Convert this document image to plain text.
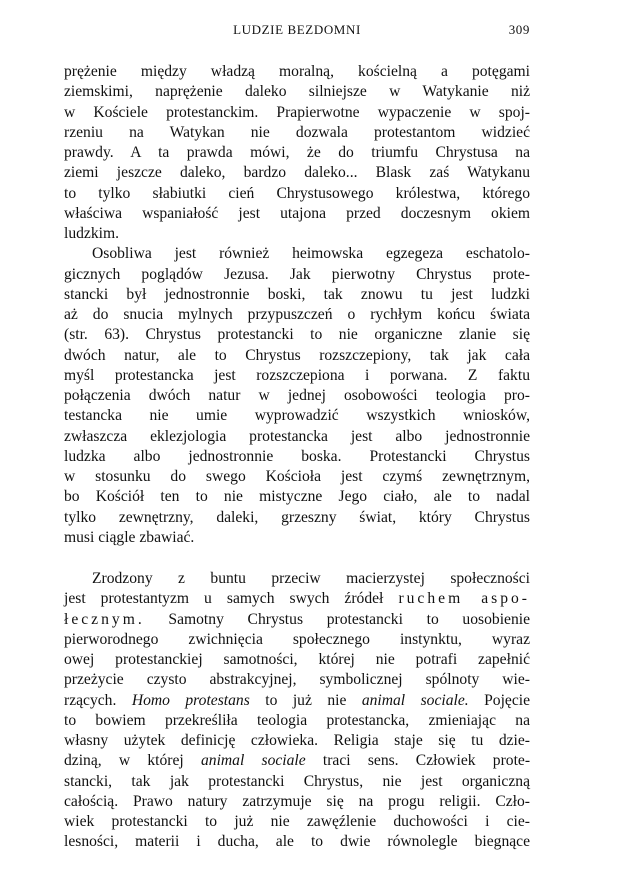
LUDZIE BEZDOMNI	309
prężenie między władzą moralną, kościelną a potęgami
ziemskimi, naprężenie daleko silniejsze w Watykanie niż
w Kościele protestanckim. Prapierwotne wypaczenie w spoj-
rzeniu na Watykan nie dozwala protestantom widzieć
prawdy. A ta prawda mówi, że do triumfu Chrystusa na
ziemi jeszcze daleko, bardzo daleko... Blask zaś Watykanu
to tylko słabiutki cień Chrystusowego królestwa, którego
właściwa wspaniałość jest utajona przed doczesnym okiem
ludzkim.
Osobliwa jest również heimowska egzegeza eschatolo-
gicznych poglądów Jezusa. Jak pierwotny Chrystus prote-
stancki był jednostronnie boski, tak znowu tu jest ludzki
aż do snucia mylnych przypuszczeń o rychłym końcu świata
(str. 63). Chrystus protestancki to nie organiczne zlanie się
dwóch natur, ale to Chrystus rozszczepiony, tak jak cała
myśl protestancka jest rozszczepiona i porwana. Z faktu
połączenia dwóch natur w jednej osobowości teologia pro-
testancka nie umie wyprowadzić wszystkich wniosków,
zwłaszcza eklezjologia protestancka jest albo jednostronnie
ludzka albo jednostronnie boska. Protestancki Chrystus
w stosunku do swego Kościoła jest czymś zewnętrznym,
bo Kościół ten to nie mistyczne Jego ciało, ale to nadal
tylko zewnętrzny, daleki, grzeszny świat, który Chrystus
musi ciągle zbawiać.
Zrodzony z buntu przeciw macierzystej społeczności
jest protestantyzm u samych swych źródeł ruchem aspo-
łecznym. Samotny Chrystus protestancki to uosobienie
pierworodnego zwichnięcia społecznego instynktu, wyraz
owej protestanckiej samotności, której nie potrafi zapełnić
przeżycie czysto abstrakcyjnej, symbolicznej spólnoty wie-
rzących. Homo protestans to już nie animal sociale. Pojęcie
to bowiem przekreśliła teologia protestancka, zmieniając na
własny użytek definicję człowieka. Religia staje się tu dzie-
dziną, w której animal sociale traci sens. Człowiek prote-
stancki, tak jak protestancki Chrystus, nie jest organiczną
całością. Prawo natury zatrzymuje się na progu religii. Czło-
wiek protestancki to już nie zawęźlenie duchowości i cie-
lesności, materii i ducha, ale to dwie równolegle biegnące
